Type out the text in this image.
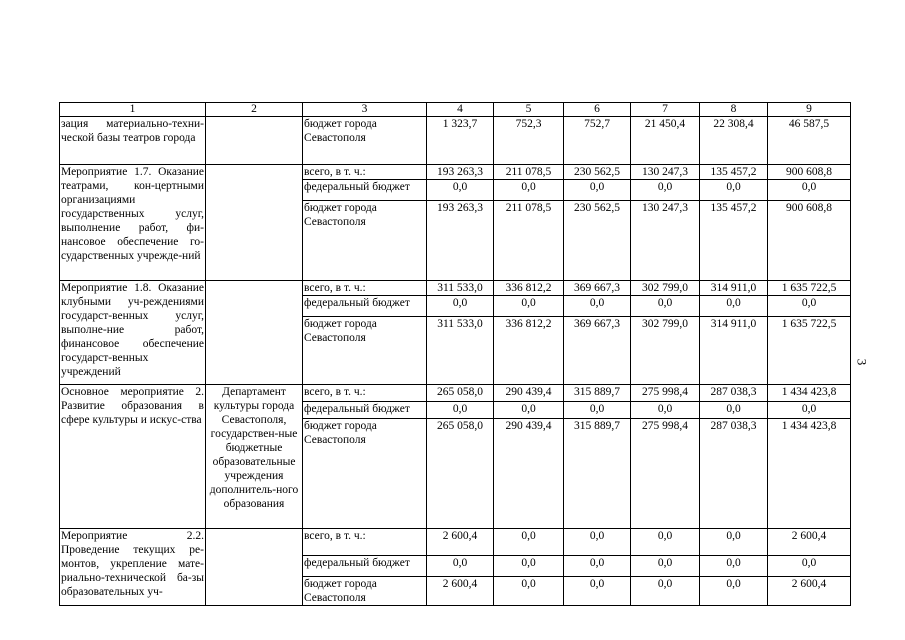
1	2	3	4	5	6	7	8	9
зация материально-техни-ческой базы театров города		бюджет города Севастополя	1 323,7	752,3	752,7	21 450,4	22 308,4	46 587,5
Мероприятие 1.7. Оказание театрами, кон-цертными организациями государственных услуг, выполнение работ, фи-нансовое обеспечение го-сударственных учрежде-ний		всего, в т. ч.:	193 263,3	211 078,5	230 562,5	130 247,3	135 457,2	900 608,8
		федеральный бюджет	0,0	0,0	0,0	0,0	0,0	0,0
		бюджет города Севастополя	193 263,3	211 078,5	230 562,5	130 247,3	135 457,2	900 608,8
Мероприятие 1.8. Оказание клубными уч-реждениями государст-венных услуг, выполне-ние работ, финансовое обеспечение государст-венных учреждений		всего, в т. ч.:	311 533,0	336 812,2	369 667,3	302 799,0	314 911,0	1 635 722,5
		федеральный бюджет	0,0	0,0	0,0	0,0	0,0	0,0
		бюджет города Севастополя	311 533,0	336 812,2	369 667,3	302 799,0	314 911,0	1 635 722,5
Основное мероприятие 2. Развитие образования в сфере культуры и искус-ства	Департамент культуры города Севастополя, государствен-ные бюджетные образовательные учреждения дополнитель-ного образования	всего, в т. ч.:	265 058,0	290 439,4	315 889,7	275 998,4	287 038,3	1 434 423,8
		федеральный бюджет	0,0	0,0	0,0	0,0	0,0	0,0
		бюджет города Севастополя	265 058,0	290 439,4	315 889,7	275 998,4	287 038,3	1 434 423,8
Мероприятие 2.2. Проведение текущих ре-монтов, укрепление мате-риально-технической ба-зы образовательных уч-		всего, в т. ч.:	2 600,4	0,0	0,0	0,0	0,0	2 600,4
		федеральный бюджет	0,0	0,0	0,0	0,0	0,0	0,0
		бюджет города Севастополя	2 600,4	0,0	0,0	0,0	0,0	2 600,4
3
